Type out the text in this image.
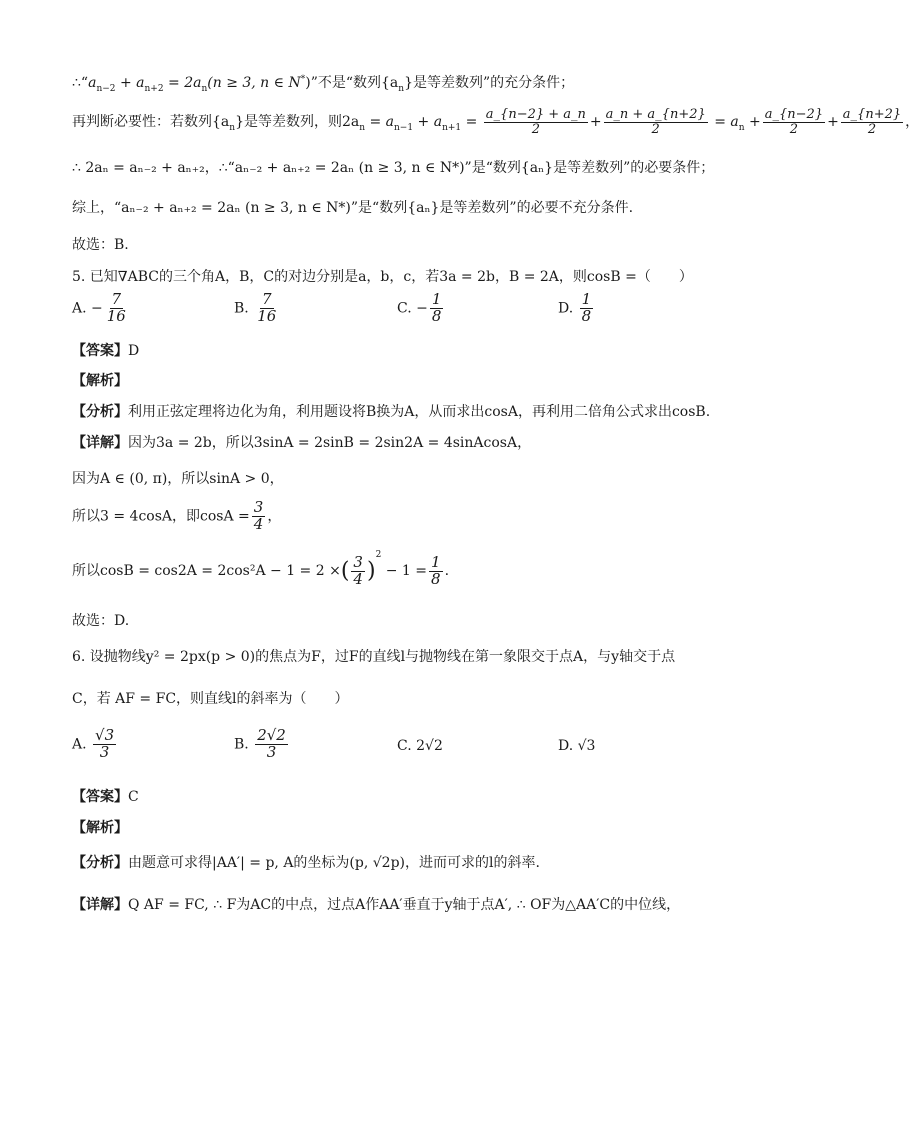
$\therefore“a_{n-2} + a_{n+2} = 2a_n(n \ge 3$, n ∈ N*)”不是“数列$\{a_n\}$是等差数列”的充分条件；
再判断必要性：若数列$\{a_n\}$是等差数列，则$2a_n = a_{n-1} + a_{n+1} = \frac{a\_\{n-2\} + a\_n}{2} + \frac{a\_n + a\_\{n+2\}}{2} = a_n + \frac{a\_\{n-2\}}{2} + \frac{a\_\{n+2\}}{2}$ ，
∴ 2aₙ = aₙ₋₂ + aₙ₊₂，∴“aₙ₋₂ + aₙ₊₂ = 2aₙ (n ≥ 3, n ∈ N*)”是“数列{aₙ}是等差数列”的必要条件；
综上，“aₙ₋₂ + aₙ₊₂ = 2aₙ (n ≥ 3, n ∈ N*)”是“数列{aₙ}是等差数列”的必要不充分条件.
故选：B.
5. 已知∇ABC的三个角A，B，C的对边分别是a，b，c，若3a = 2b，B = 2A，则cosB =（　　）
A. − $\frac{7}{16}$	B. $\frac{7}{16}$	C. − $\frac{1}{8}$	D. $\frac{1}{8}$
【答案】D
【解析】
【分析】利用正弦定理将边化为角，利用题设将B换为A，从而求出cosA，再利用二倍角公式求出cosB.
【详解】因为3a = 2b，所以3sinA = 2sinB = 2sin2A = 4sinAcosA，
因为A ∈ (0, π)，所以sinA > 0，
所以3 = 4cosA，即$\cos A = \frac{3}{4}$ ，
所以cosB = cos2A = 2cos²A − 1 = 2 ×( $\frac{3}{4} )^2 - 1 = \frac{1}{8}$ .
故选：D.
6. 设抛物线y² = 2px(p > 0)的焦点为F，过F的直线l与抛物线在第一象限交于点A，与y轴交于点
C，若 AF = FC，则直线l的斜率为（　　）
A. $\frac{√3}{3}$	B. $\frac{2√2}{3}$	C. 2√2	D. √3
【答案】C
【解析】
【分析】由题意可求得|AA′| = p, A的坐标为(p, √2p)，进而可求的l的斜率.
【详解】Q AF = FC, ∴ F为AC的中点，过点A作AA′垂直于y轴于点A′, ∴ OF为△AA′C的中位线，
